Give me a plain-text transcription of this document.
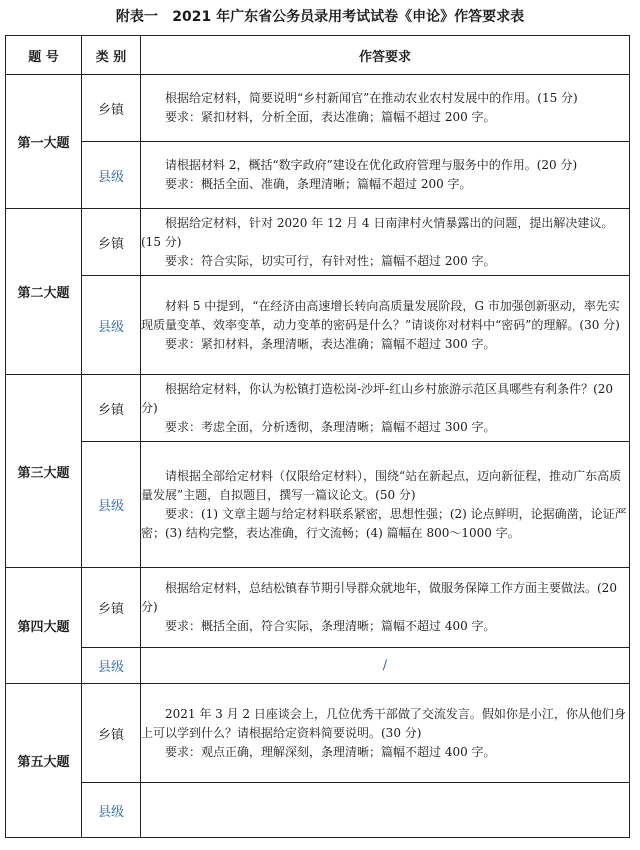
附表一 2021 年广东省公务员录用考试试卷《申论》作答要求表
题 号	类 别	作答要求
第一大题	乡镇	根据给定材料，简要说明“乡村新闻官”在推动农业农村发展中的作用。(15 分)
要求：紧扣材料，分析全面，表达准确；篇幅不超过 200 字。

	县级	请根据材料 2，概括“数字政府”建设在优化政府管理与服务中的作用。(20 分)
要求：概括全面、准确，条理清晰；篇幅不超过 200 字。

第二大题	乡镇	根据给定材料，针对 2020 年 12 月 4 日南津村火情暴露出的问题，提出解决建议。(15 分)
要求：符合实际，切实可行，有针对性；篇幅不超过 200 字。

	县级	材料 5 中提到，“在经济由高速增长转向高质量发展阶段，G 市加强创新驱动，率先实现质量变革、效率变革，动力变革的密码是什么？”请谈你对材料中“密码”的理解。(30 分)
要求：紧扣材料，条理清晰，表达准确；篇幅不超过 300 字。

第三大题	乡镇	根据给定材料，你认为松镇打造松岗-沙坪-红山乡村旅游示范区具哪些有利条件？(20 分)
要求：考虑全面，分析透彻，条理清晰；篇幅不超过 300 字。

	县级	请根据全部给定材料（仅限给定材料），围绕“站在新起点，迈向新征程，推动广东高质量发展”主题，自拟题目，撰写一篇议论文。(50 分)
要求：(1) 文章主题与给定材料联系紧密，思想性强；(2) 论点鲜明，论据确凿，论证严密；(3) 结构完整，表达准确，行文流畅；(4) 篇幅在 800～1000 字。

第四大题	乡镇	根据给定材料，总结松镇春节期引导群众就地年，做服务保障工作方面主要做法。(20 分)
要求：概括全面，符合实际，条理清晰；篇幅不超过 400 字。

	县级	/
第五大题	乡镇	2021 年 3 月 2 日座谈会上，几位优秀干部做了交流发言。假如你是小江，你从他们身上可以学到什么？请根据给定资料简要说明。(30 分)
要求：观点正确，理解深刻，条理清晰；篇幅不超过 400 字。

	县级	
